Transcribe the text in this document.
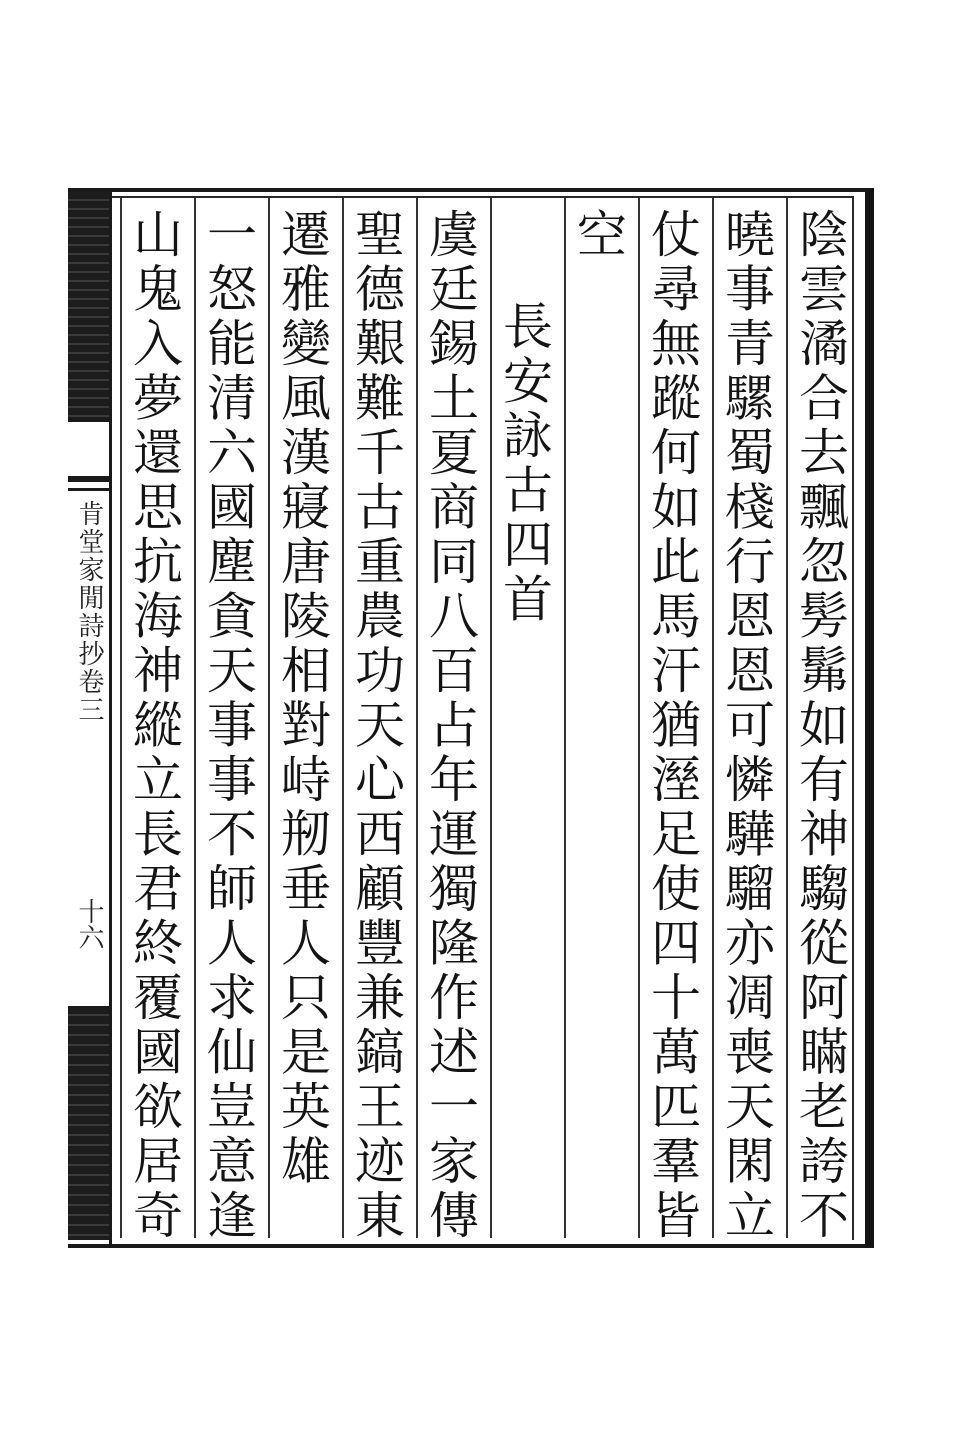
肯堂家閒詩抄卷三
十六	陰雲潏合去飄忽髣髴如有神騶從阿瞞老誇不
曉事青騾蜀棧行恩恩可憐驊騮亦凋喪天閑立
仗尋無蹤何如此馬汗猶溼足使四十萬匹羣皆
空
長安詠古四首
虞廷錫土夏商同八百占年運獨隆作述一家傳
聖德艱難千古重農功天心西顧豐兼鎬王迹東
遷雅變風漢寢唐陵相對峙剏垂人只是英雄
一怒能清六國塵貪天事事不師人求仙豈意逢
山鬼入夢還思抗海神縱立長君終覆國欲居奇
